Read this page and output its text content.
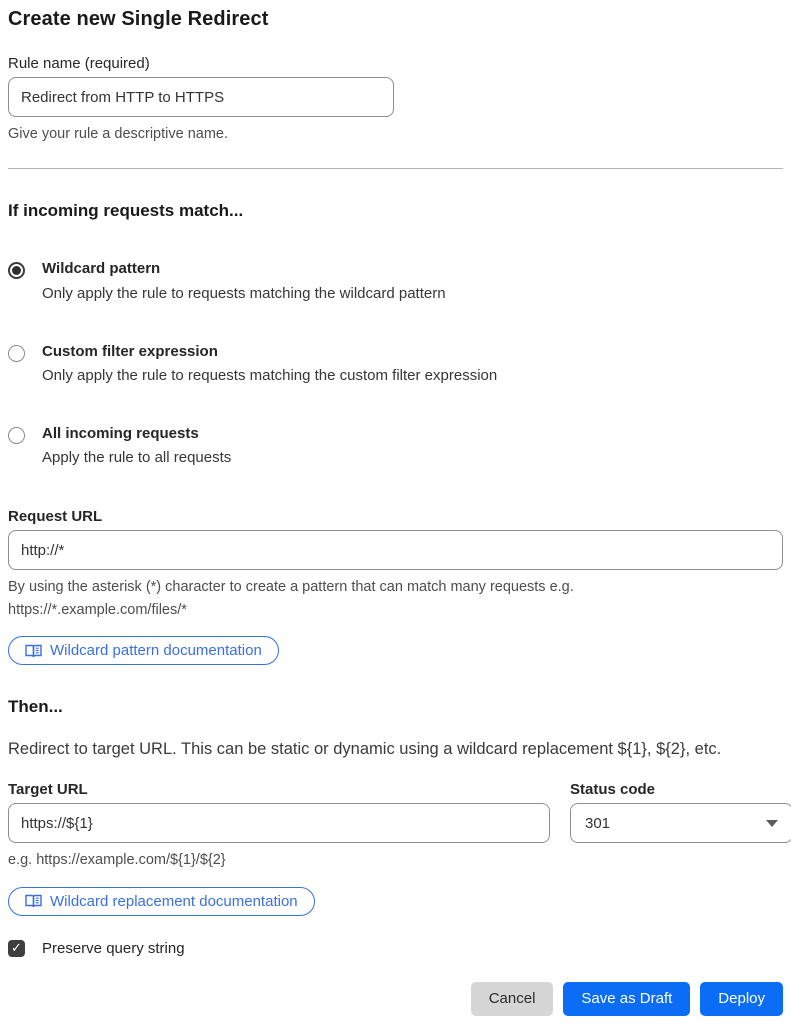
Create new Single Redirect
Rule name (required)
Redirect from HTTP to HTTPS
Give your rule a descriptive name.
If incoming requests match...
Wildcard pattern
Only apply the rule to requests matching the wildcard pattern
Custom filter expression
Only apply the rule to requests matching the custom filter expression
All incoming requests
Apply the rule to all requests
Request URL
http://*
By using the asterisk (*) character to create a pattern that can match many requests e.g.
https://*.example.com/files/*
Wildcard pattern documentation
Then...

Redirect to target URL. This can be static or dynamic using a wildcard replacement ${1}, ${2}, etc.

Target URL
https://${1}	Status code
301
e.g. https://example.com/${1}/${2}
Wildcard replacement documentation
✓ Preserve query string
Cancel	Save as Draft	Deploy
